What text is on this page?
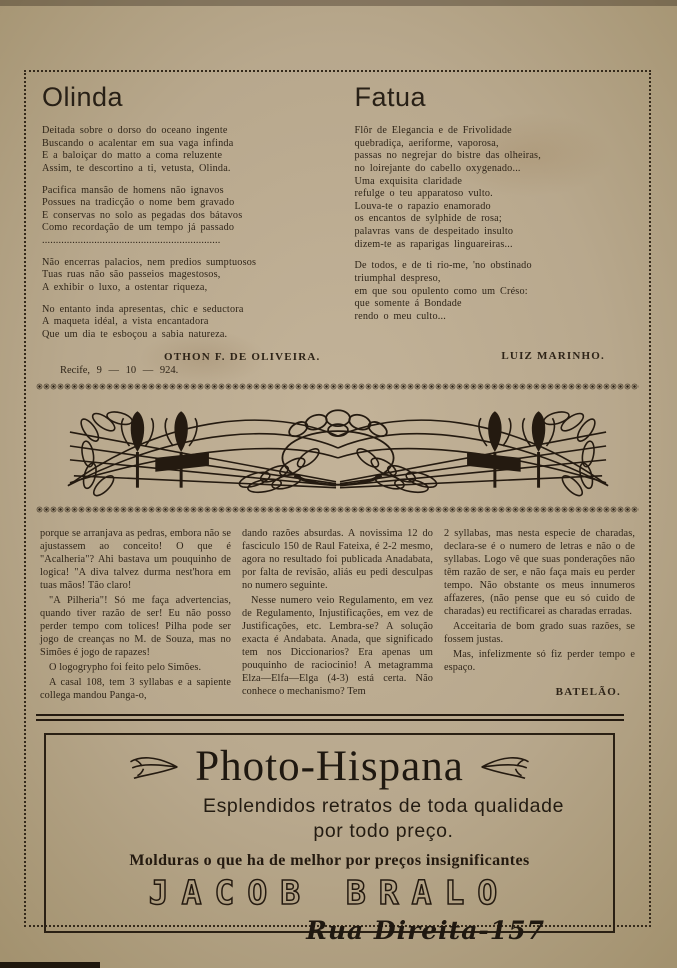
Olinda
Deitada sobre o dorso do oceano ingente
Buscando o acalentar em sua vaga infinda
E a baloiçar do matto a coma reluzente
Assim, te descortino a ti, vetusta, Olinda.
Pacifica mansão de homens não ignavos
Possues na tradicção o nome bem gravado
E conservas no solo as pegadas dos bátavos
Como recordação de um tempo já passado
.................................................................
Não encerras palacios, nem predios sumptuosos
Tuas ruas não são passeios magestosos,
A exhibir o luxo, a ostentar riqueza,
No entanto inda apresentas, chic e seductora
A maqueta idéal, a vista encantadora
Que um dia te esboçou a sabia natureza.
OTHON F. DE OLIVEIRA.
Recife, 9 — 10 — 924.
Fatua
Flôr de Elegancia e de Frivolidade
quebradiça, aeriforme, vaporosa,
passas no negrejar do bistre das olheiras,
no loirejante do cabello oxygenado...
Uma exquisita claridade
refulge o teu apparatoso vulto.
Louva-te o rapazio enamorado
os encantos de sylphide de rosa;
palavras vans de despeitado insulto
dizem-te as raparigas linguareiras...
De todos, e de ti rio-me, 'no obstinado
triumphal despreso,
em que sou opulento como um Créso:
que somente á Bondade
rendo o meu culto...
LUIZ MARINHO.

porque se arranjava as pedras, embora não se ajustassem ao conceito! O que é "Acalheria"? Ahi bastava um pouquinho de logica! "A diva talvez durma nest'hora em tuas mãos! Tão claro!

"A Pilheria"! Só me faça advertencias, quando tiver razão de ser! Eu não posso perder tempo com tolices! Pilha pode ser jogo de creanças no M. de Souza, mas no Simões é jogo de rapazes!

O logogrypho foi feito pelo Simões.

A casal 108, tem 3 syllabas e a sapiente collega mandou Panga-o,

dando razões absurdas. A novissima 12 do fasciculo 150 de Raul Fateixa, é 2-2 mesmo, agora no resultado foi publicada Anadabata, por falta de revisão, aliás eu pedi desculpas no numero seguinte.

Nesse numero veio Regulamento, em vez de Regulamento, Injustificações, em vez de Justificações, etc. Lembra-se? A solução exacta é Andabata. Anada, que significado tem nos Diccionarios? Era apenas um pouquinho de raciocinio! A metagramma Elza—Elfa—Elga (4-3) está certa. Não conhece o mechanismo? Tem

2 syllabas, mas nesta especie de charadas, declara-se é o numero de letras e não o de syllabas. Logo vê que suas ponderações não têm razão de ser, e não faça mais eu perder tempo. Não obstante os meus innumeros affazeres, (não pense que eu só cuido de charadas) eu rectificarei as charadas erradas.

Acceitaria de bom grado suas razões, se fossem justas.

Mas, infelizmente só fiz perder tempo e espaço.

BATELÃO.
Photo-Hispana
Esplendidos retratos de toda qualidade
por todo preço.
Molduras o que ha de melhor por preços insignificantes
JACOB BRALO
Rua Direita-157
